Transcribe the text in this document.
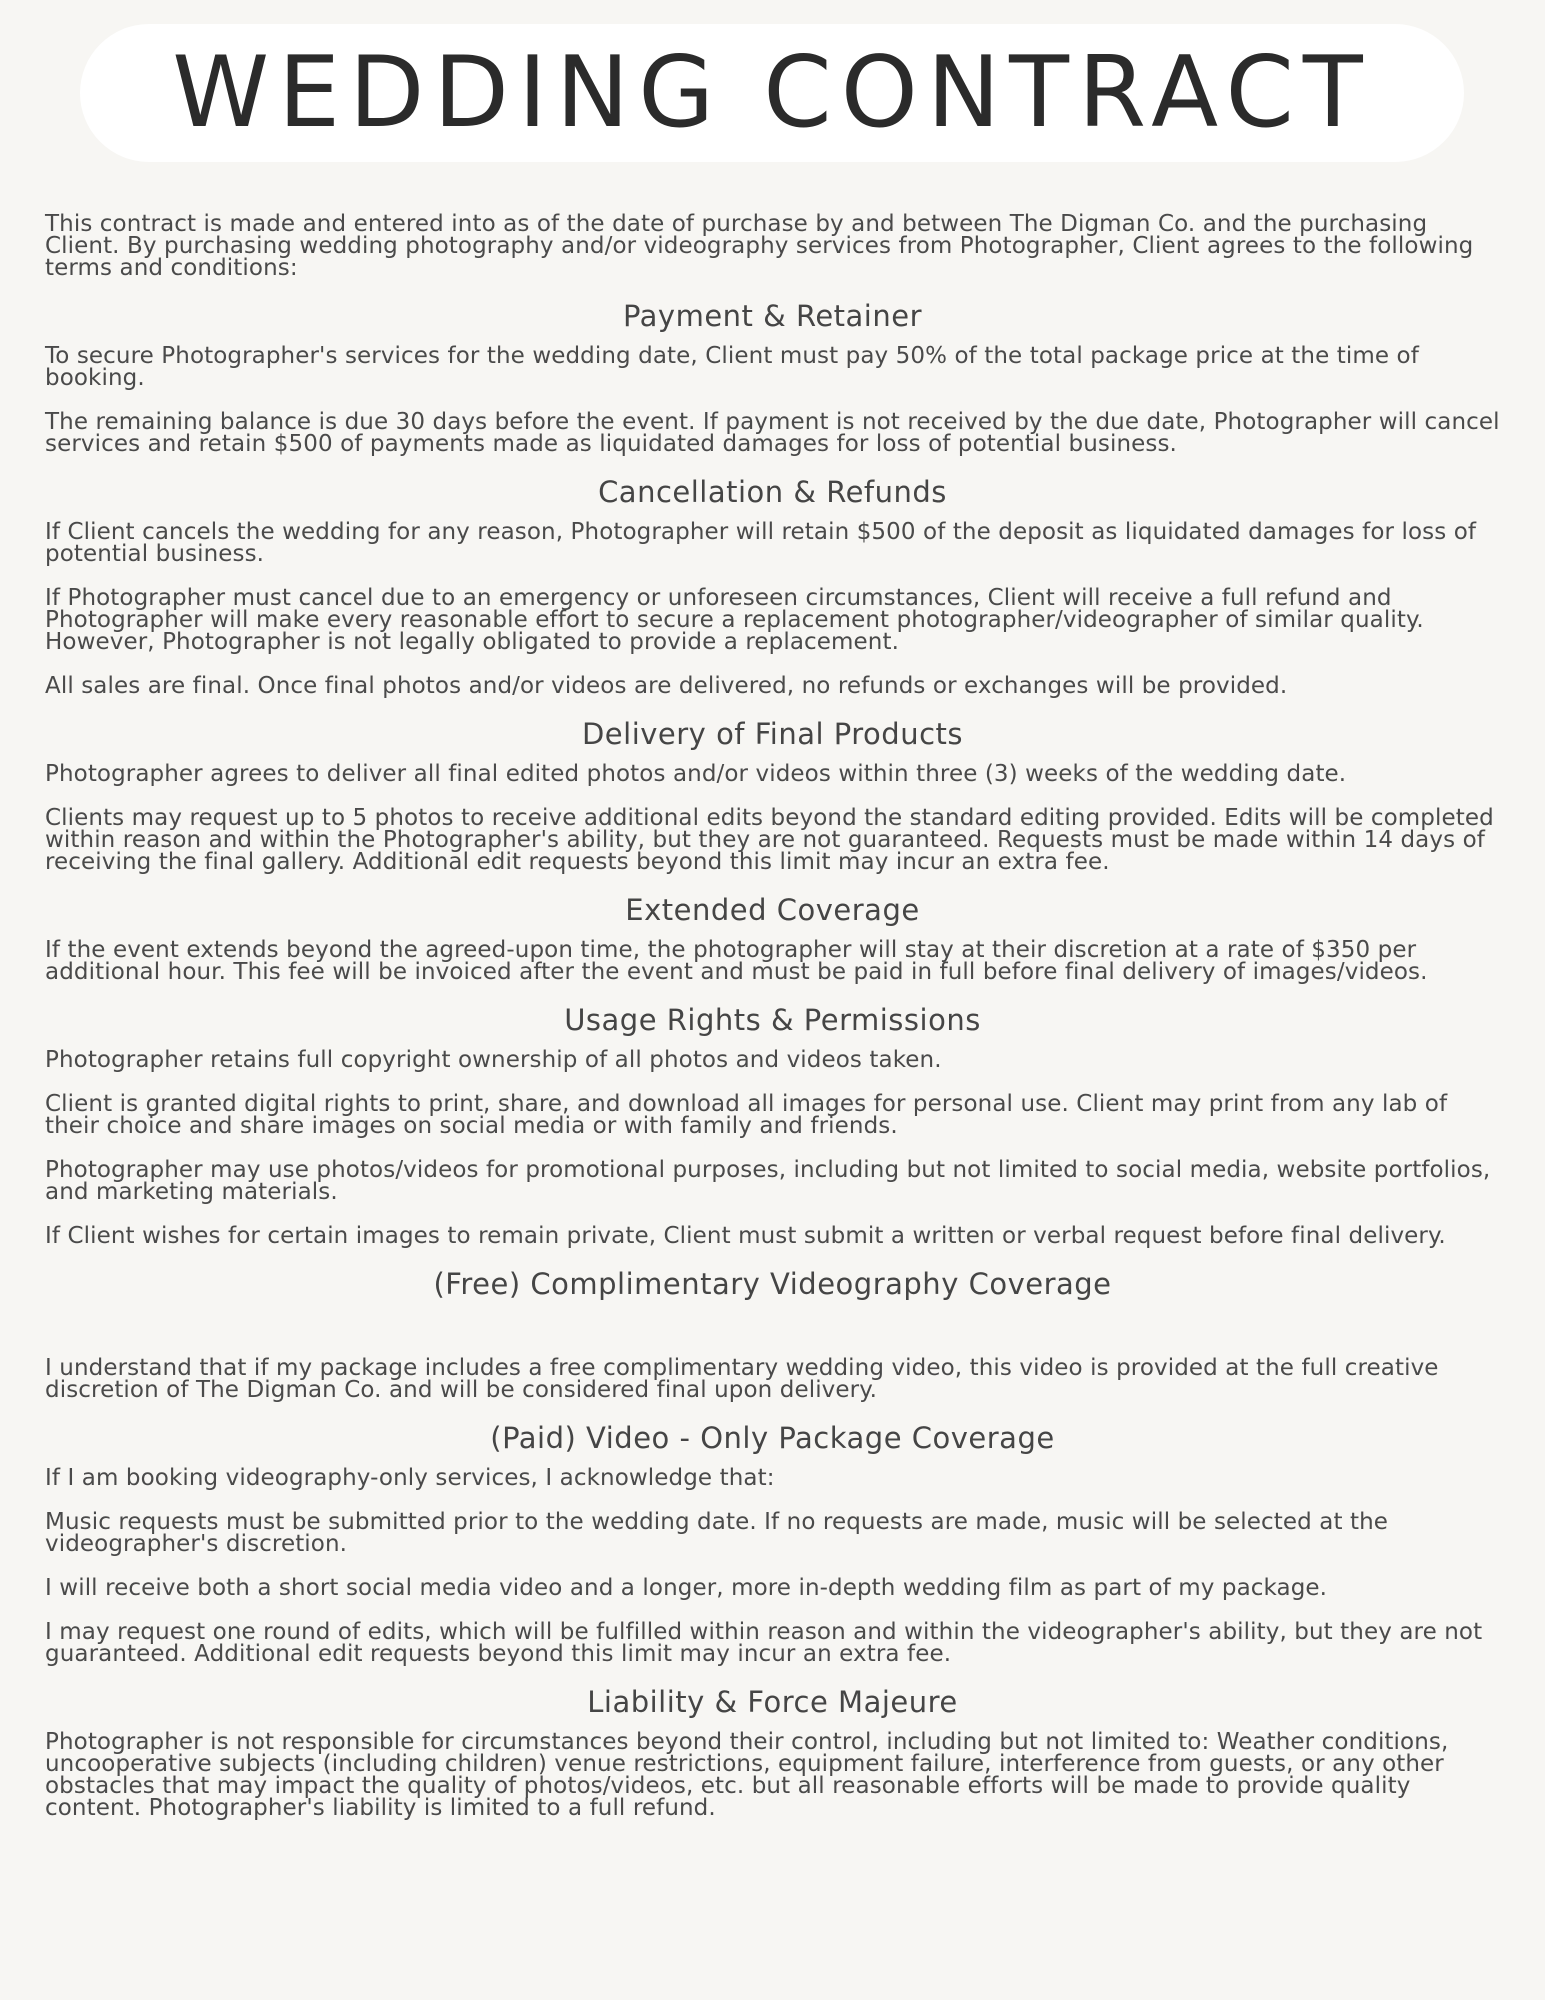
WEDDING CONTRACT

This contract is made and entered into as of the date of purchase by and between The Digman Co. and the purchasing Client. By purchasing wedding photography and/or videography services from Photographer, Client agrees to the following terms and conditions:

Payment & Retainer

To secure Photographer's services for the wedding date, Client must pay 50% of the total package price at the time of booking.

The remaining balance is due 30 days before the event. If payment is not received by the due date, Photographer will cancel services and retain $500 of payments made as liquidated damages for loss of potential business.

Cancellation & Refunds

If Client cancels the wedding for any reason, Photographer will retain $500 of the deposit as liquidated damages for loss of potential business.

If Photographer must cancel due to an emergency or unforeseen circumstances, Client will receive a full refund and Photographer will make every reasonable effort to secure a replacement photographer/videographer of similar quality. However, Photographer is not legally obligated to provide a replacement.

All sales are final. Once final photos and/or videos are delivered, no refunds or exchanges will be provided.

Delivery of Final Products

Photographer agrees to deliver all final edited photos and/or videos within three (3) weeks of the wedding date.

Clients may request up to 5 photos to receive additional edits beyond the standard editing provided. Edits will be completed within reason and within the Photographer's ability, but they are not guaranteed. Requests must be made within 14 days of receiving the final gallery. Additional edit requests beyond this limit may incur an extra fee.

Extended Coverage

If the event extends beyond the agreed-upon time, the photographer will stay at their discretion at a rate of $350 per additional hour. This fee will be invoiced after the event and must be paid in full before final delivery of images/videos.

Usage Rights & Permissions

Photographer retains full copyright ownership of all photos and videos taken.

Client is granted digital rights to print, share, and download all images for personal use. Client may print from any lab of their choice and share images on social media or with family and friends.

Photographer may use photos/videos for promotional purposes, including but not limited to social media, website portfolios, and marketing materials.

If Client wishes for certain images to remain private, Client must submit a written or verbal request before final delivery.

(Free) Complimentary Videography Coverage

I understand that if my package includes a free complimentary wedding video, this video is provided at the full creative discretion of The Digman Co. and will be considered final upon delivery.

(Paid) Video - Only Package Coverage

If I am booking videography-only services, I acknowledge that:

Music requests must be submitted prior to the wedding date. If no requests are made, music will be selected at the videographer's discretion.

I will receive both a short social media video and a longer, more in-depth wedding film as part of my package.

I may request one round of edits, which will be fulfilled within reason and within the videographer's ability, but they are not guaranteed. Additional edit requests beyond this limit may incur an extra fee.

Liability & Force Majeure

Photographer is not responsible for circumstances beyond their control, including but not limited to: Weather conditions, uncooperative subjects (including children) venue restrictions, equipment failure, interference from guests, or any other obstacles that may impact the quality of photos/videos, etc. but all reasonable efforts will be made to provide quality content. Photographer's liability is limited to a full refund.
